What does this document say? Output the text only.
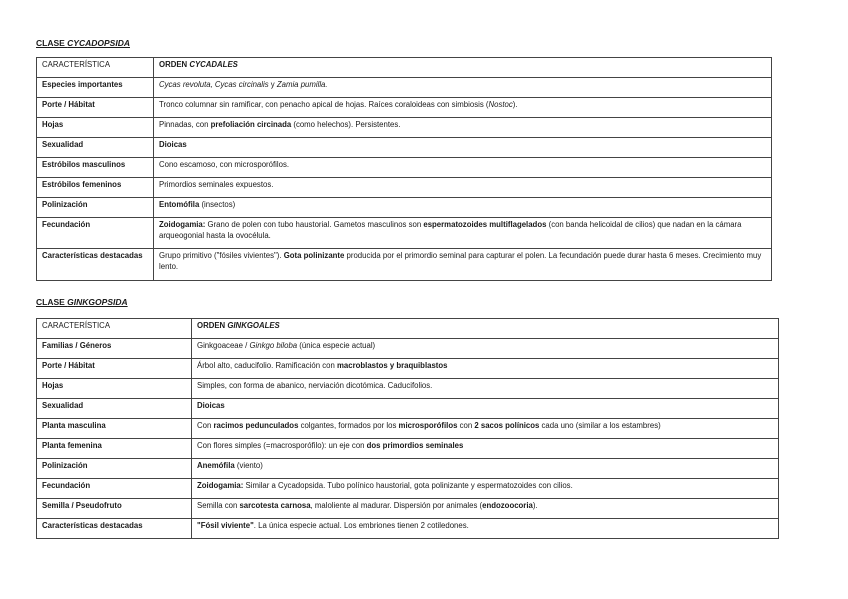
CLASE CYCADOPSIDA
CARACTERÍSTICA	ORDEN CYCADALES
Especies importantes	Cycas revoluta, Cycas circinalis y Zamia pumilla.
Porte / Hábitat	Tronco columnar sin ramificar, con penacho apical de hojas. Raíces coraloideas con simbiosis (Nostoc).
Hojas	Pinnadas, con prefoliación circinada (como helechos). Persistentes.
Sexualidad	Dioicas
Estróbilos masculinos	Cono escamoso, con microsporófilos.
Estróbilos femeninos	Primordios seminales expuestos.
Polinización	Entomófila (insectos)
Fecundación	Zoidogamia: Grano de polen con tubo haustorial. Gametos masculinos son espermatozoides multiflagelados (con banda helicoidal de cilios) que nadan en la cámara arqueogonial hasta la ovocélula.
Características destacadas	Grupo primitivo ("fósiles vivientes"). Gota polinizante producida por el primordio seminal para capturar el polen. La fecundación puede durar hasta 6 meses. Crecimiento muy lento.
CLASE GINKGOPSIDA
CARACTERÍSTICA	ORDEN GINKGOALES
Familias / Géneros	Ginkgoaceae / Ginkgo biloba (única especie actual)
Porte / Hábitat	Árbol alto, caducifolio. Ramificación con macroblastos y braquiblastos
Hojas	Simples, con forma de abanico, nerviación dicotómica. Caducifolios.
Sexualidad	Dioicas
Planta masculina	Con racimos pedunculados colgantes, formados por los microsporófilos con 2 sacos polínicos cada uno (similar a los estambres)
Planta femenina	Con flores simples (=macrosporófilo): un eje con dos primordios seminales
Polinización	Anemófila (viento)
Fecundación	Zoidogamia: Similar a Cycadopsida. Tubo polínico haustorial, gota polinizante y espermatozoides con cilios.
Semilla / Pseudofruto	Semilla con sarcotesta carnosa, maloliente al madurar. Dispersión por animales (endozoocoria).
Características destacadas	"Fósil viviente". La única especie actual. Los embriones tienen 2 cotiledones.
